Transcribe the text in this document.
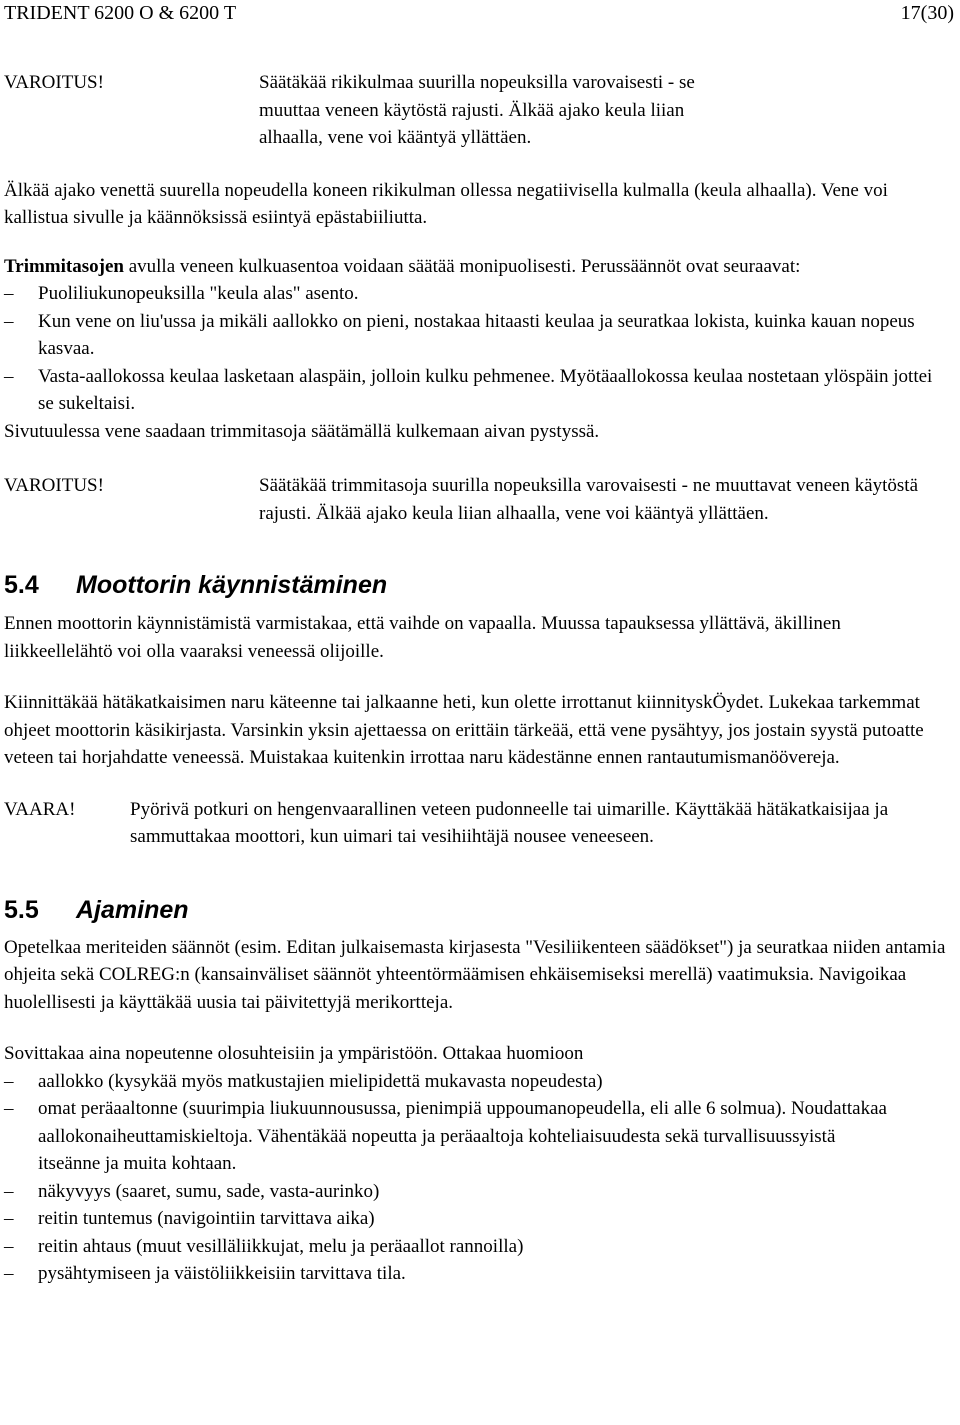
TRIDENT 6200 O & 6200 T	17(30)
VAROITUS!	Säätäkää rikikulmaa suurilla nopeuksilla varovaisesti - se muuttaa veneen käytöstä rajusti. Älkää ajako keula liian alhaalla, vene voi kääntyä yllättäen.

Älkää ajako venettä suurella nopeudella koneen rikikulman ollessa negatiivisella kulmalla (keula alhaalla). Vene voi kallistua sivulle ja käännöksissä esiintyä epästabiiliutta.

Trimmitasojen avulla veneen kulkuasentoa voidaan säätää monipuolisesti. Perussäännöt ovat seuraavat:

– Puoliliukunopeuksilla "keula alas" asento.
– Kun vene on liu'ussa ja mikäli aallokko on pieni, nostakaa hitaasti keulaa ja seuratkaa lokista, kuinka kauan nopeus kasvaa.
– Vasta-aallokossa keulaa lasketaan alaspäin, jolloin kulku pehmenee. Myötäaallokossa keulaa nostetaan ylöspäin jottei se sukeltaisi.

Sivutuulessa vene saadaan trimmitasoja säätämällä kulkemaan aivan pystyssä.

VAROITUS!	Säätäkää trimmitasoja suurilla nopeuksilla varovaisesti - ne muuttavat veneen käytöstä rajusti. Älkää ajako keula liian alhaalla, vene voi kääntyä yllättäen.
5.4	Moottorin käynnistäminen

Ennen moottorin käynnistämistä varmistakaa, että vaihde on vapaalla. Muussa tapauksessa yllättävä, äkillinen liikkeellelähtö voi olla vaaraksi veneessä olijoille.

Kiinnittäkää hätäkatkaisimen naru käteenne tai jalkaanne heti, kun olette irrottanut kiinnityskÖydet. Lukekaa tarkemmat ohjeet moottorin käsikirjasta. Varsinkin yksin ajettaessa on erittäin tärkeää, että vene pysähtyy, jos jostain syystä putoatte veteen tai horjahdatte veneessä. Muistakaa kuitenkin irrottaa naru kädestänne ennen rantautumismanöövereja.

VAARA!	Pyörivä potkuri on hengenvaarallinen veteen pudonneelle tai uimarille. Käyttäkää hätäkatkaisijaa ja sammuttakaa moottori, kun uimari tai vesihiihtäjä nousee veneeseen.
5.5	Ajaminen

Opetelkaa meriteiden säännöt (esim. Editan julkaisemasta kirjasesta "Vesiliikenteen säädökset") ja seuratkaa niiden antamia ohjeita sekä COLREG:n (kansainväliset säännöt yhteentörmäämisen ehkäisemiseksi merellä) vaatimuksia. Navigoikaa huolellisesti ja käyttäkää uusia tai päivitettyjä merikortteja.

Sovittakaa aina nopeutenne olosuhteisiin ja ympäristöön. Ottakaa huomioon

– aallokko (kysykää myös matkustajien mielipidettä mukavasta nopeudesta)
– omat peräaaltonne (suurimpia liukuunnousussa, pienimpiä uppoumanopeudella, eli alle 6 solmua). Noudattakaa aallokonaiheuttamiskieltoja. Vähentäkää nopeutta ja peräaaltoja kohteliaisuudesta sekä turvallisuussyistä itseänne ja muita kohtaan.
– näkyvyys (saaret, sumu, sade, vasta-aurinko)
– reitin tuntemus (navigointiin tarvittava aika)
– reitin ahtaus (muut vesilläliikkujat, melu ja peräaallot rannoilla)
– pysähtymiseen ja väistöliikkeisiin tarvittava tila.
